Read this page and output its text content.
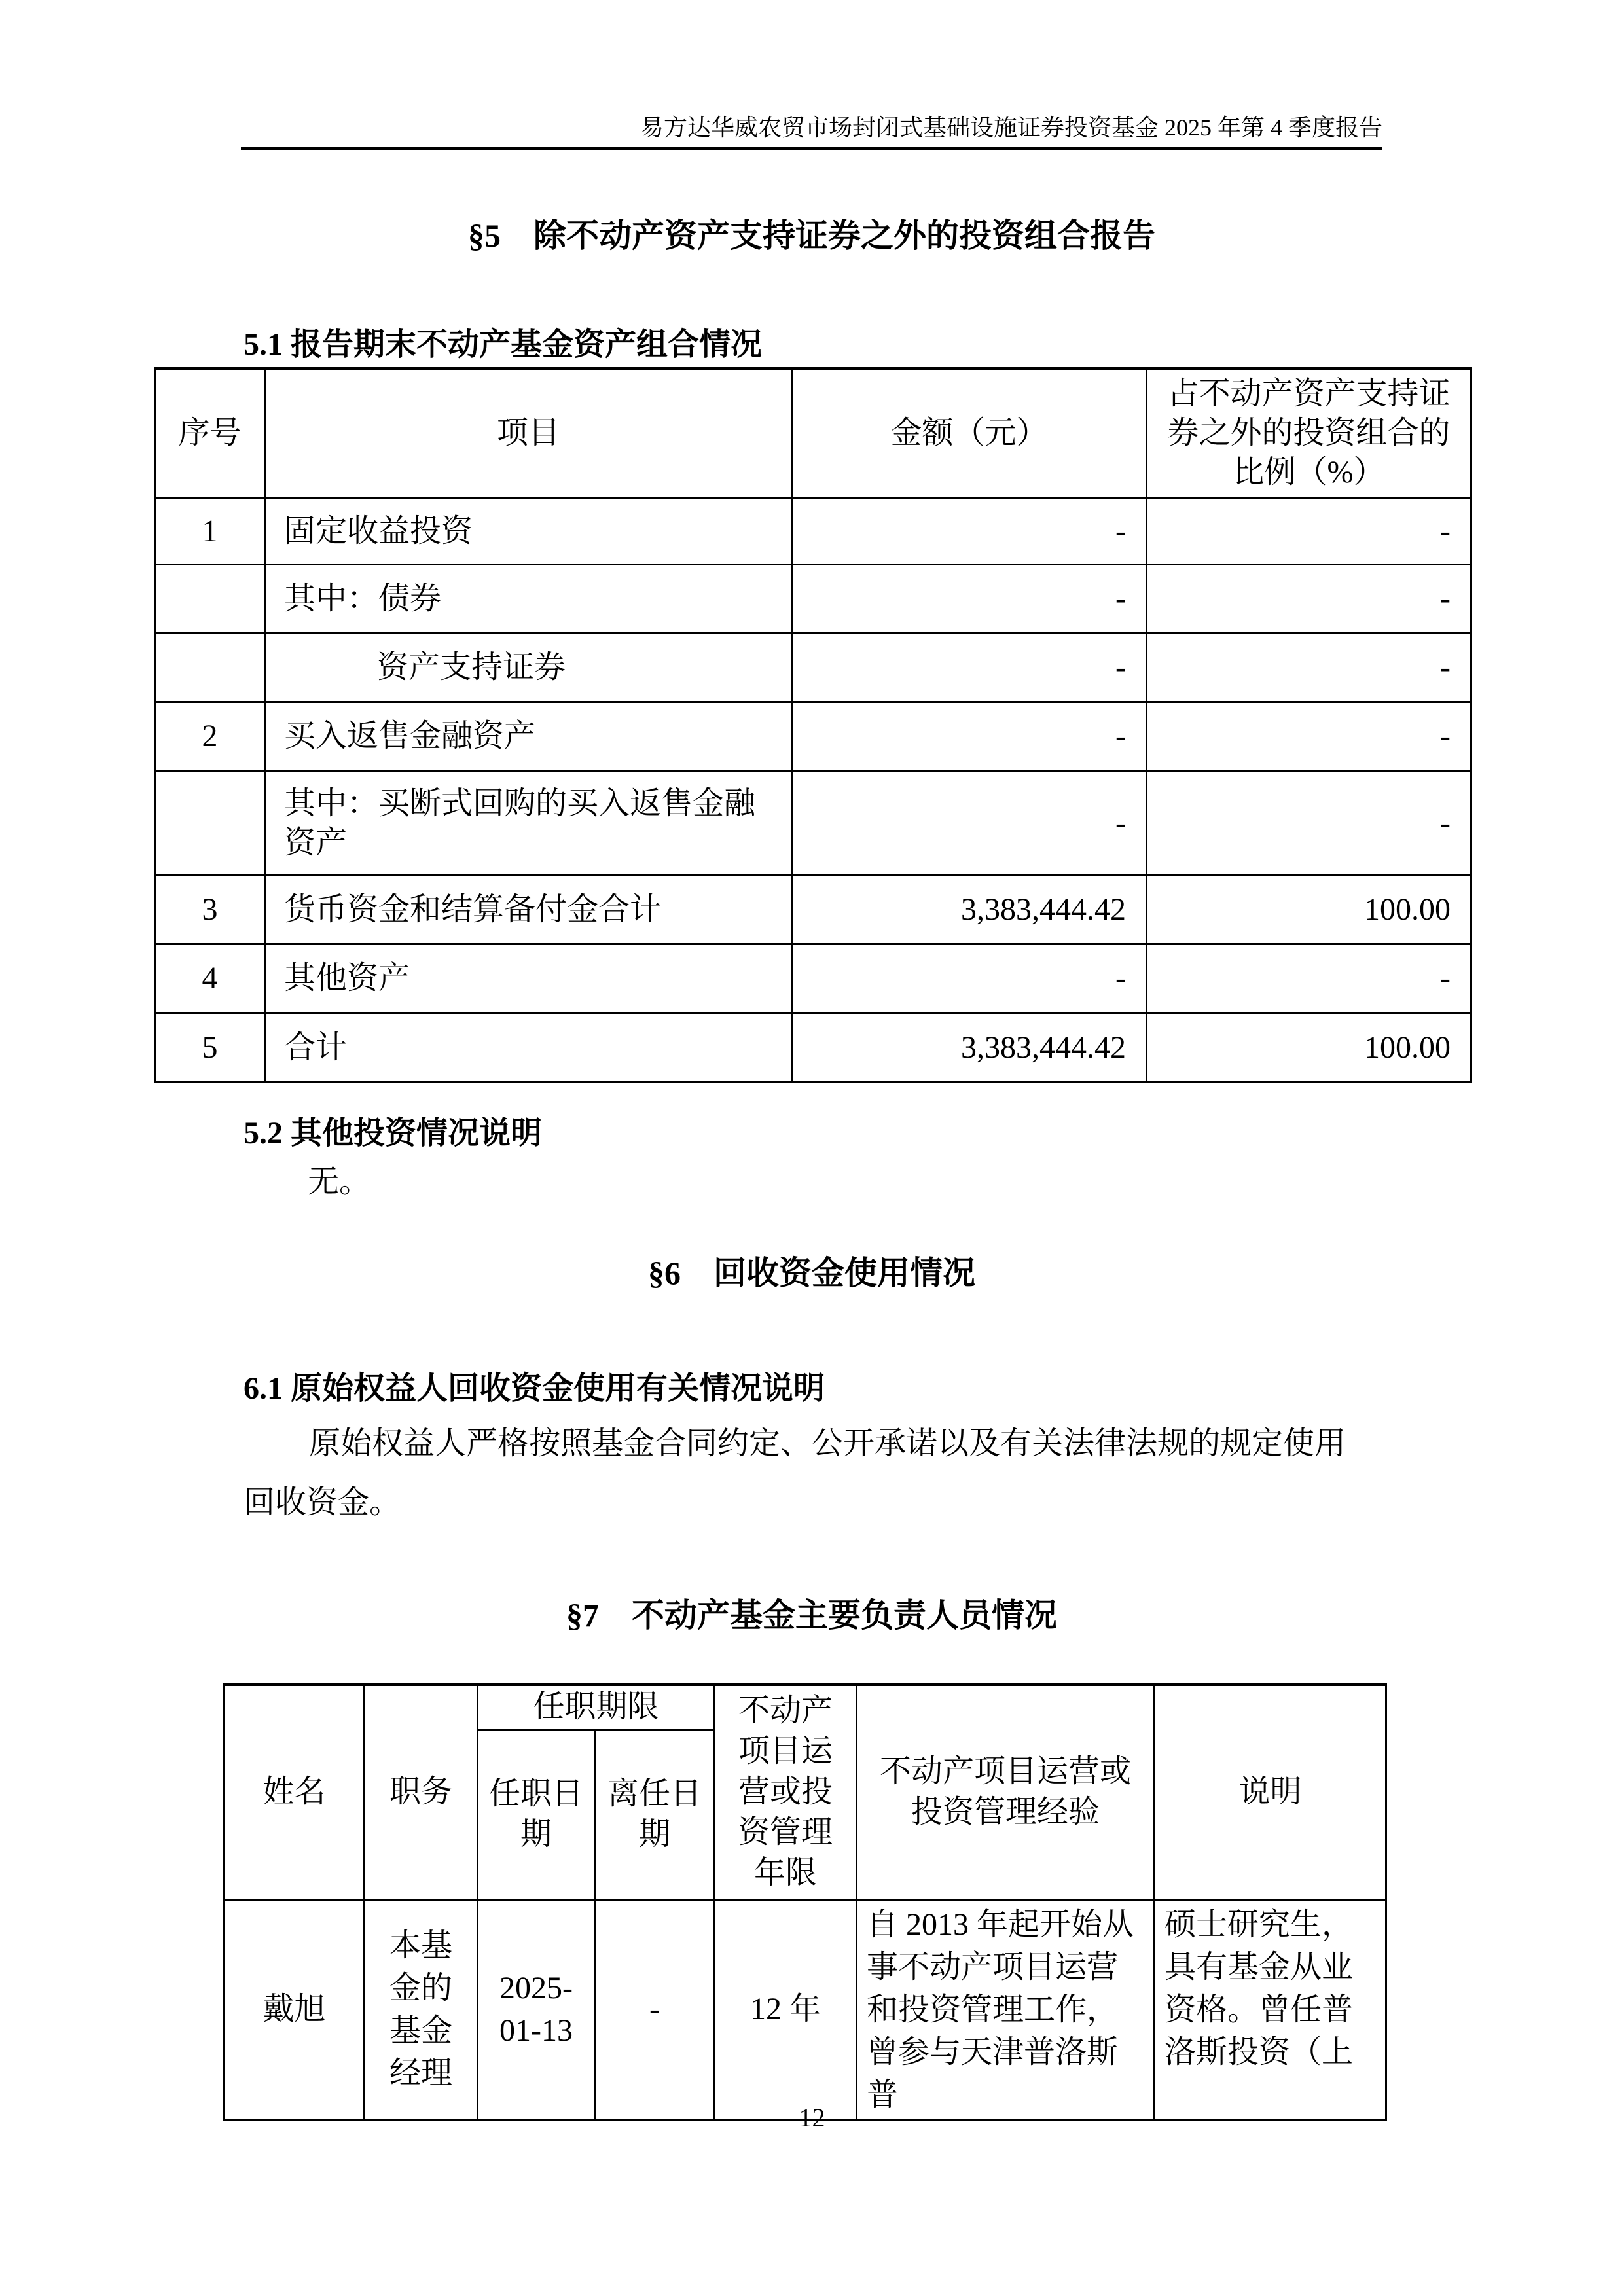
易方达华威农贸市场封闭式基础设施证券投资基金 2025 年第 4 季度报告
§5　除不动产资产支持证券之外的投资组合报告
5.1 报告期末不动产基金资产组合情况
序号	项目	金额（元）	占不动产资产支持证券之外的投资组合的比例（%）
1	固定收益投资	-	-
	其中：债券	-	-
	资产支持证券	-	-
2	买入返售金融资产	-	-
	其中：买断式回购的买入返售金融资产	-	-
3	货币资金和结算备付金合计	3,383,444.42	100.00
4	其他资产	-	-
5	合计	3,383,444.42	100.00
5.2 其他投资情况说明
无。
§6　回收资金使用情况
6.1 原始权益人回收资金使用有关情况说明
原始权益人严格按照基金合同约定、公开承诺以及有关法律法规的规定使用
回收资金。
§7　不动产基金主要负责人员情况
姓名	职务	任职期限		不动产项目运营或投资管理年限	不动产项目运营或投资管理经验	说明
		任职日期	离任日期			
戴旭	本基金的基金经理	2025-01-13	-	12 年	自 2013 年起开始从事不动产项目运营和投资管理工作，曾参与天津普洛斯普	硕士研究生，具有基金从业资格。曾任普洛斯投资（上
12
